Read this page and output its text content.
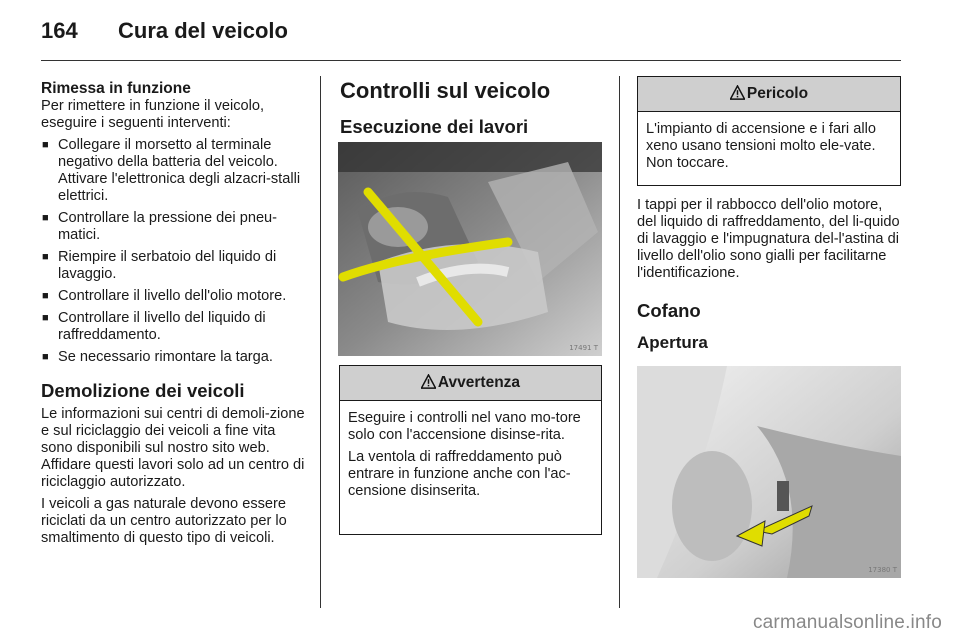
164 Cura del veicolo
Rimessa in funzione

Per rimettere in funzione il veicolo, eseguire i seguenti interventi:

■ Collegare il morsetto al terminale negativo della batteria del veicolo. Attivare l'elettronica degli alzacri-stalli elettrici.
■ Controllare la pressione dei pneu-matici.
■ Riempire il serbatoio del liquido di lavaggio.
■ Controllare il livello dell'olio motore.
■ Controllare il livello del liquido di raffreddamento.
■ Se necessario rimontare la targa.
Demolizione dei veicoli

Le informazioni sui centri di demoli-zione e sul riciclaggio dei veicoli a fine vita sono disponibili sul nostro sito web. Affidare questi lavori solo ad un centro di riciclaggio autorizzato.

I veicoli a gas naturale devono essere riciclati da un centro autorizzato per lo smaltimento di questo tipo di veicoli.

Controlli sul veicolo
Esecuzione dei lavori
17491 T
Avvertenza

Eseguire i controlli nel vano mo-tore solo con l'accensione disinse-rita.

La ventola di raffreddamento può entrare in funzione anche con l'ac-censione disinserita.

Pericolo

L'impianto di accensione e i fari allo xeno usano tensioni molto ele-vate. Non toccare.

I tappi per il rabbocco dell'olio motore, del liquido di raffreddamento, del li-quido di lavaggio e l'impugnatura del-l'astina di livello dell'olio sono gialli per facilitarne l'identificazione.

Cofano
Apertura
17380 T
carmanualsonline.info
